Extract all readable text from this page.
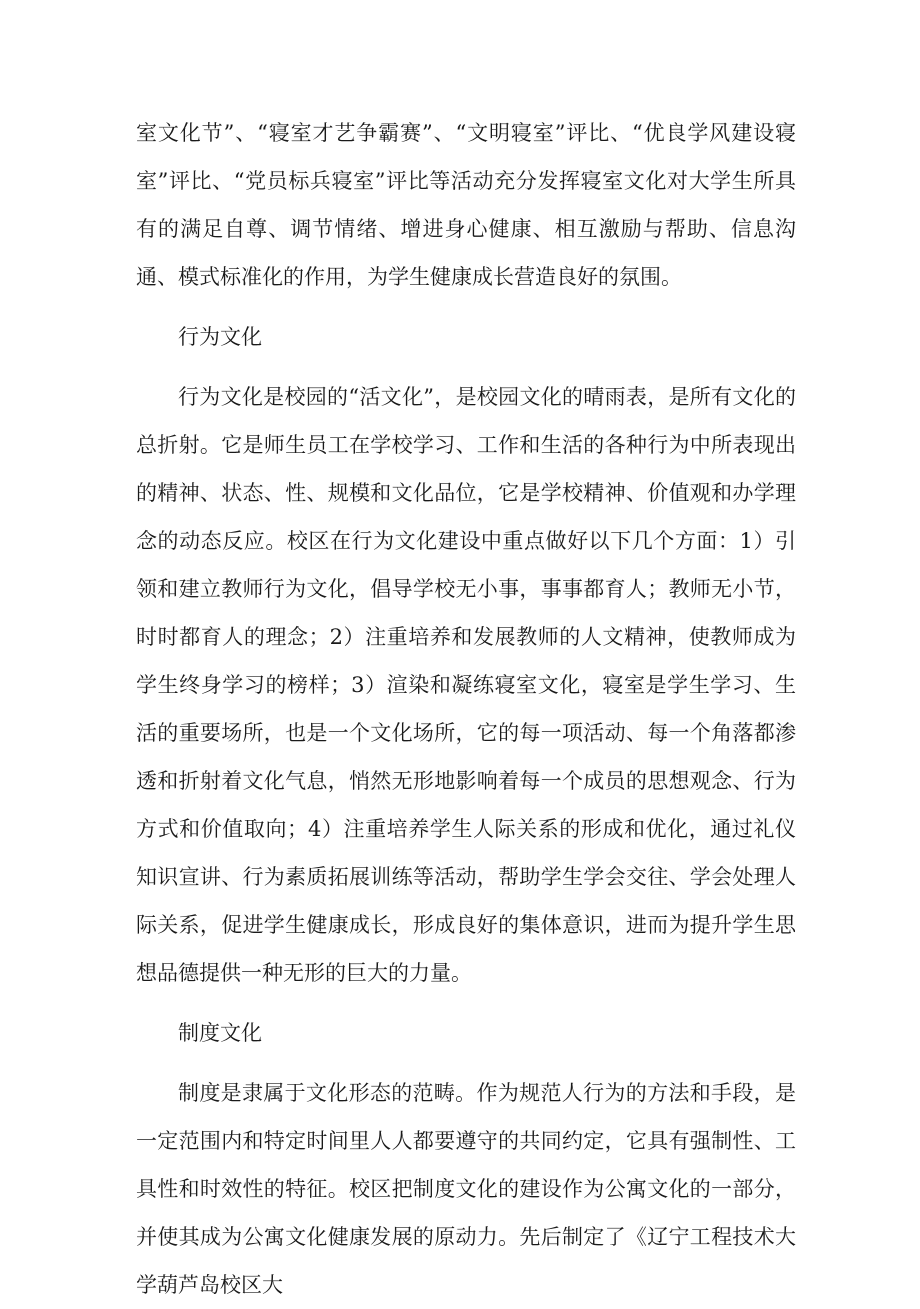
室文化节”、“寝室才艺争霸赛”、“文明寝室”评比、“优良学风建设寝室”评比、“党员标兵寝室”评比等活动充分发挥寝室文化对大学生所具有的满足自尊、调节情绪、增进身心健康、相互激励与帮助、信息沟通、模式标准化的作用，为学生健康成长营造良好的氛围。

行为文化

行为文化是校园的“活文化”，是校园文化的晴雨表，是所有文化的总折射。它是师生员工在学校学习、工作和生活的各种行为中所表现出的精神、状态、性、规模和文化品位，它是学校精神、价值观和办学理念的动态反应。校区在行为文化建设中重点做好以下几个方面：1）引领和建立教师行为文化，倡导学校无小事，事事都育人；教师无小节，时时都育人的理念；2）注重培养和发展教师的人文精神，使教师成为学生终身学习的榜样；3）渲染和凝练寝室文化，寝室是学生学习、生活的重要场所，也是一个文化场所，它的每一项活动、每一个角落都渗透和折射着文化气息，悄然无形地影响着每一个成员的思想观念、行为方式和价值取向；4）注重培养学生人际关系的形成和优化，通过礼仪知识宣讲、行为素质拓展训练等活动，帮助学生学会交往、学会处理人际关系，促进学生健康成长，形成良好的集体意识，进而为提升学生思想品德提供一种无形的巨大的力量。

制度文化

制度是隶属于文化形态的范畴。作为规范人行为的方法和手段，是一定范围内和特定时间里人人都要遵守的共同约定，它具有强制性、工具性和时效性的特征。校区把制度文化的建设作为公寓文化的一部分，并使其成为公寓文化健康发展的原动力。先后制定了《辽宁工程技术大学葫芦岛校区大
